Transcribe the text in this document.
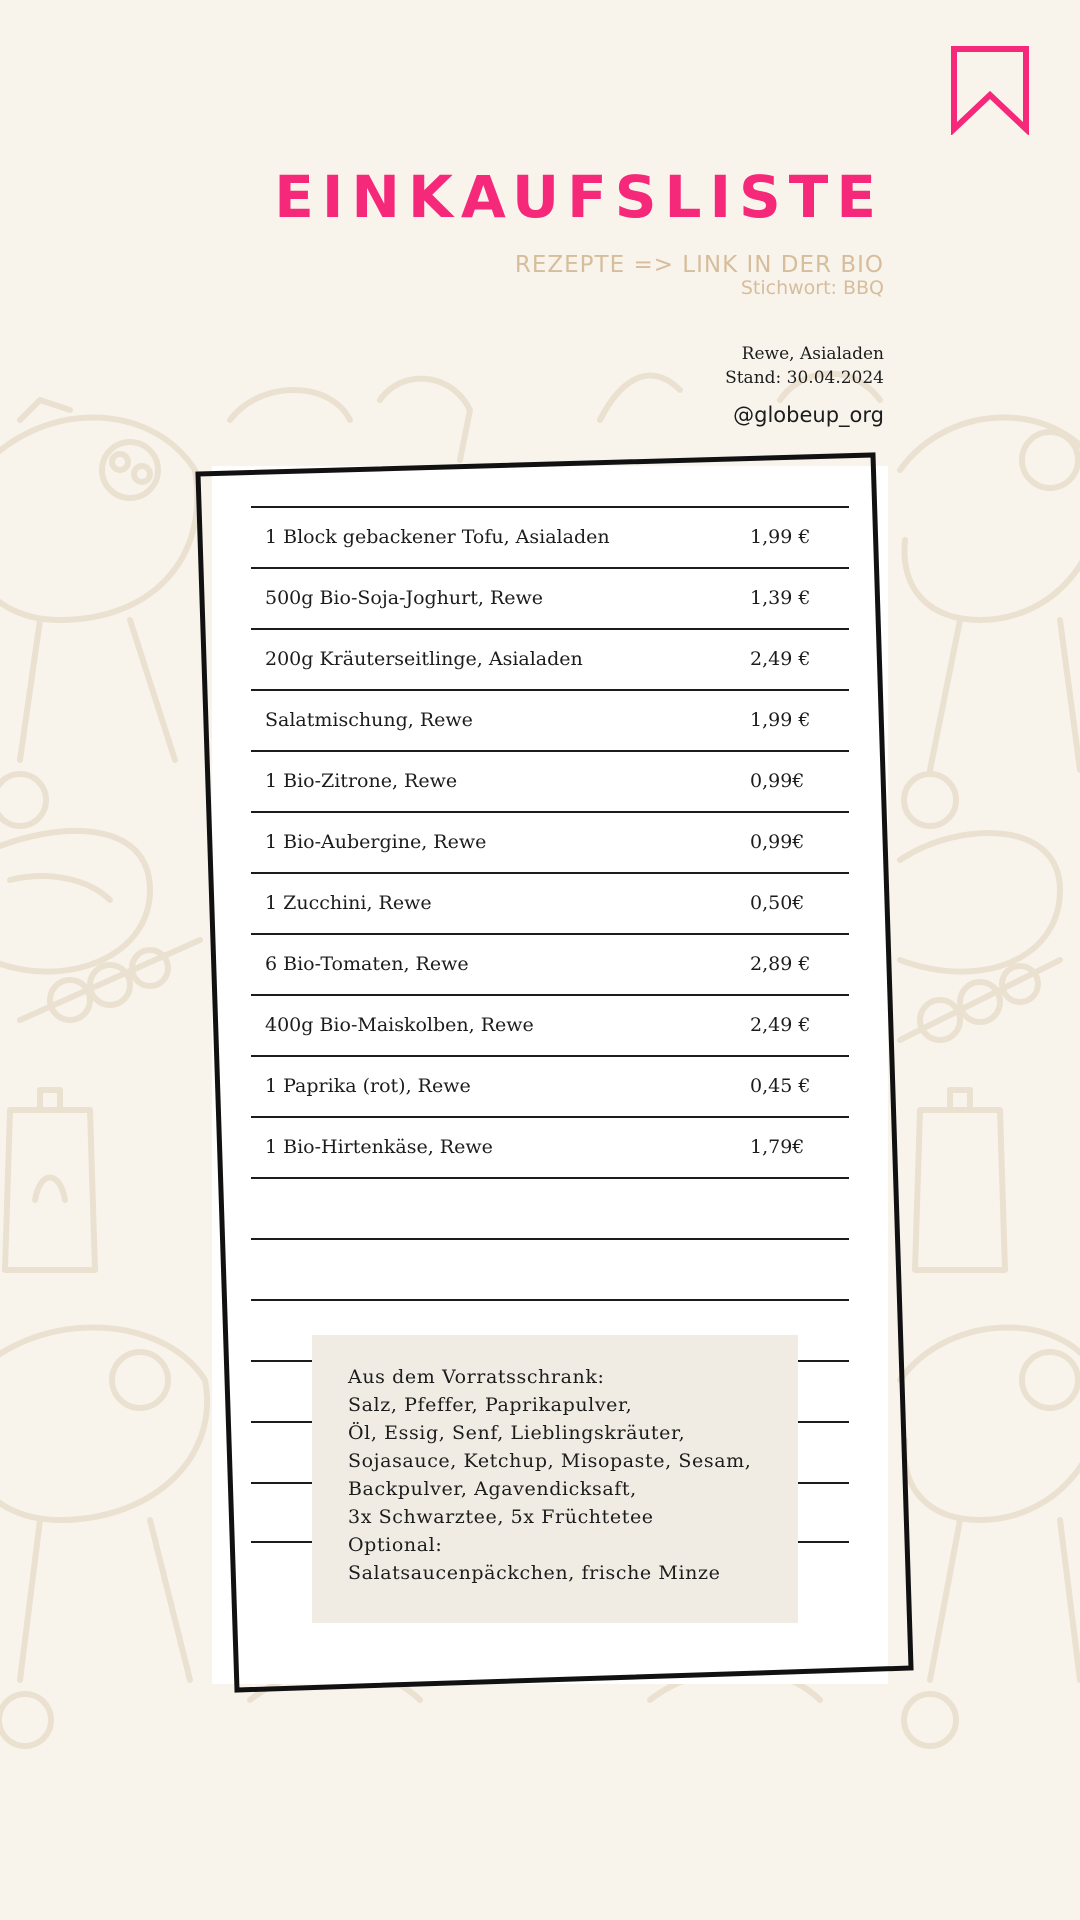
EINKAUFSLISTE
REZEPTE => LINK IN DER BIO
Stichwort: BBQ
Rewe, Asialaden
Stand: 30.04.2024
@globeup_org
1 Block gebackener Tofu, Asialaden	1,99 €
500g Bio-Soja-Joghurt, Rewe	1,39 €
200g Kräuterseitlinge, Asialaden	2,49 €
Salatmischung, Rewe	1,99 €
1 Bio-Zitrone, Rewe	0,99€
1 Bio-Aubergine, Rewe	0,99€
1 Zucchini, Rewe	0,50€
6 Bio-Tomaten, Rewe	2,89 €
400g Bio-Maiskolben, Rewe	2,49 €
1 Paprika (rot), Rewe	0,45 €
1 Bio-Hirtenkäse, Rewe	1,79€
Aus dem Vorratsschrank:
Salz, Pfeffer, Paprikapulver,
Öl, Essig, Senf, Lieblingskräuter,
Sojasauce, Ketchup, Misopaste, Sesam,
Backpulver, Agavendicksaft,
3x Schwarztee, 5x Früchtetee
Optional:
Salatsaucenpäckchen, frische Minze
